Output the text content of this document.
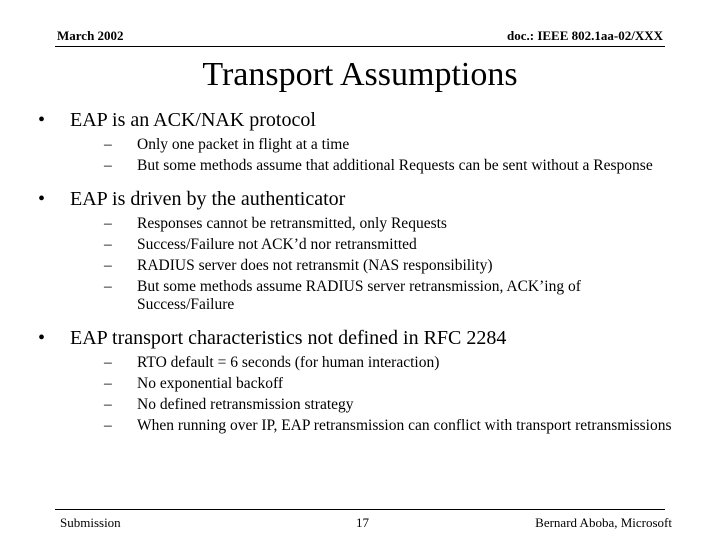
March 2002	doc.: IEEE 802.1aa-02/XXX
Transport Assumptions
• EAP is an ACK/NAK protocol
– Only one packet in flight at a time
– But some methods assume that additional Requests can be sent without a Response
• EAP is driven by the authenticator
– Responses cannot be retransmitted, only Requests
– Success/Failure not ACK’d nor retransmitted
– RADIUS server does not retransmit (NAS responsibility)
– But some methods assume RADIUS server retransmission, ACK’ing of Success/Failure
• EAP transport characteristics not defined in RFC 2284
– RTO default = 6 seconds (for human interaction)
– No exponential backoff
– No defined retransmission strategy
– When running over IP, EAP retransmission can conflict with transport retransmissions
Submission	17	Bernard Aboba, Microsoft
